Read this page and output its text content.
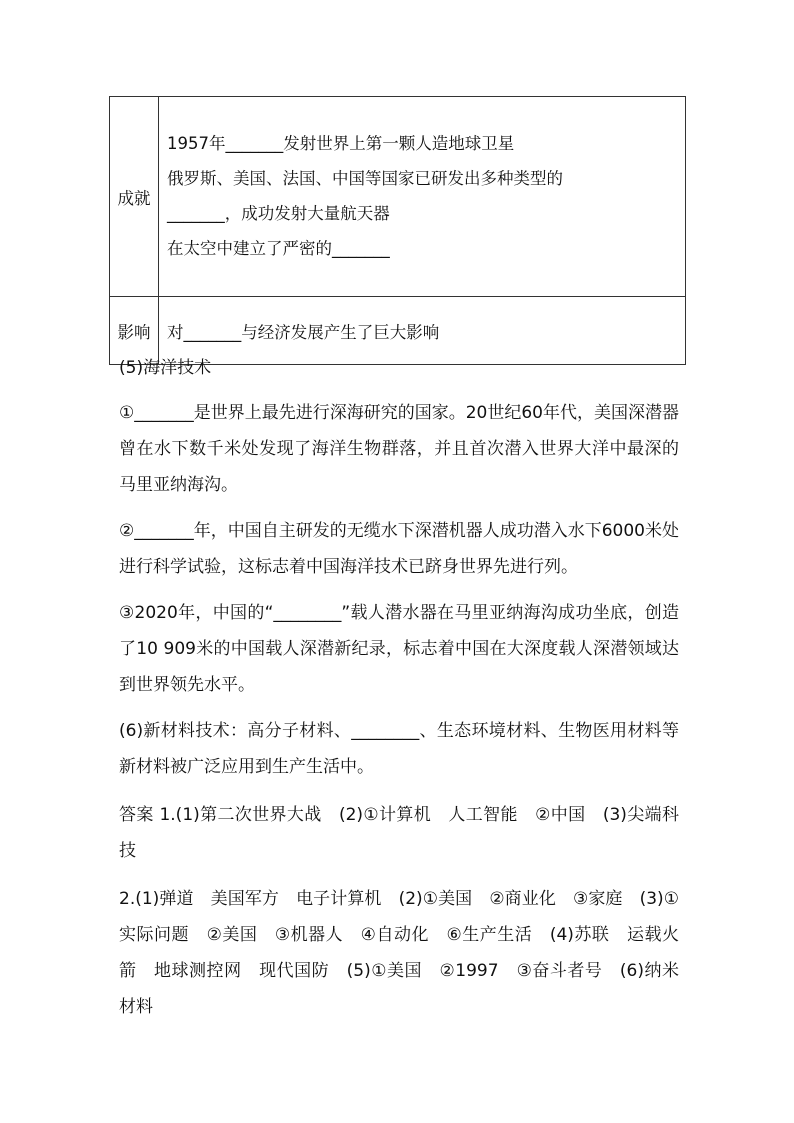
成就	1957年_______发射世界上第一颗人造地球卫星
俄罗斯、美国、法国、中国等国家已研发出多种类型的
_______，成功发射大量航天器
在太空中建立了严密的_______

影响	对_______与经济发展产生了巨大影响

(5)海洋技术

①_______是世界上最先进行深海研究的国家。20世纪60年代，美国深潜器曾在水下数千米处发现了海洋生物群落，并且首次潜入世界大洋中最深的马里亚纳海沟。

②_______年，中国自主研发的无缆水下深潜机器人成功潜入水下6000米处进行科学试验，这标志着中国海洋技术已跻身世界先进行列。

③2020年，中国的“________”载人潜水器在马里亚纳海沟成功坐底，创造了10 909米的中国载人深潜新纪录，标志着中国在大深度载人深潜领域达到世界领先水平。

(6)新材料技术：高分子材料、________、生态环境材料、生物医用材料等新材料被广泛应用到生产生活中。

答案 1.(1)第二次世界大战　(2)①计算机　人工智能　②中国　(3)尖端科技

2.(1)弹道　美国军方　电子计算机　(2)①美国　②商业化　③家庭　(3)①实际问题　②美国　③机器人　④自动化　⑥生产生活　(4)苏联　运载火箭　地球测控网　现代国防　(5)①美国　②1997　③奋斗者号　(6)纳米材料
